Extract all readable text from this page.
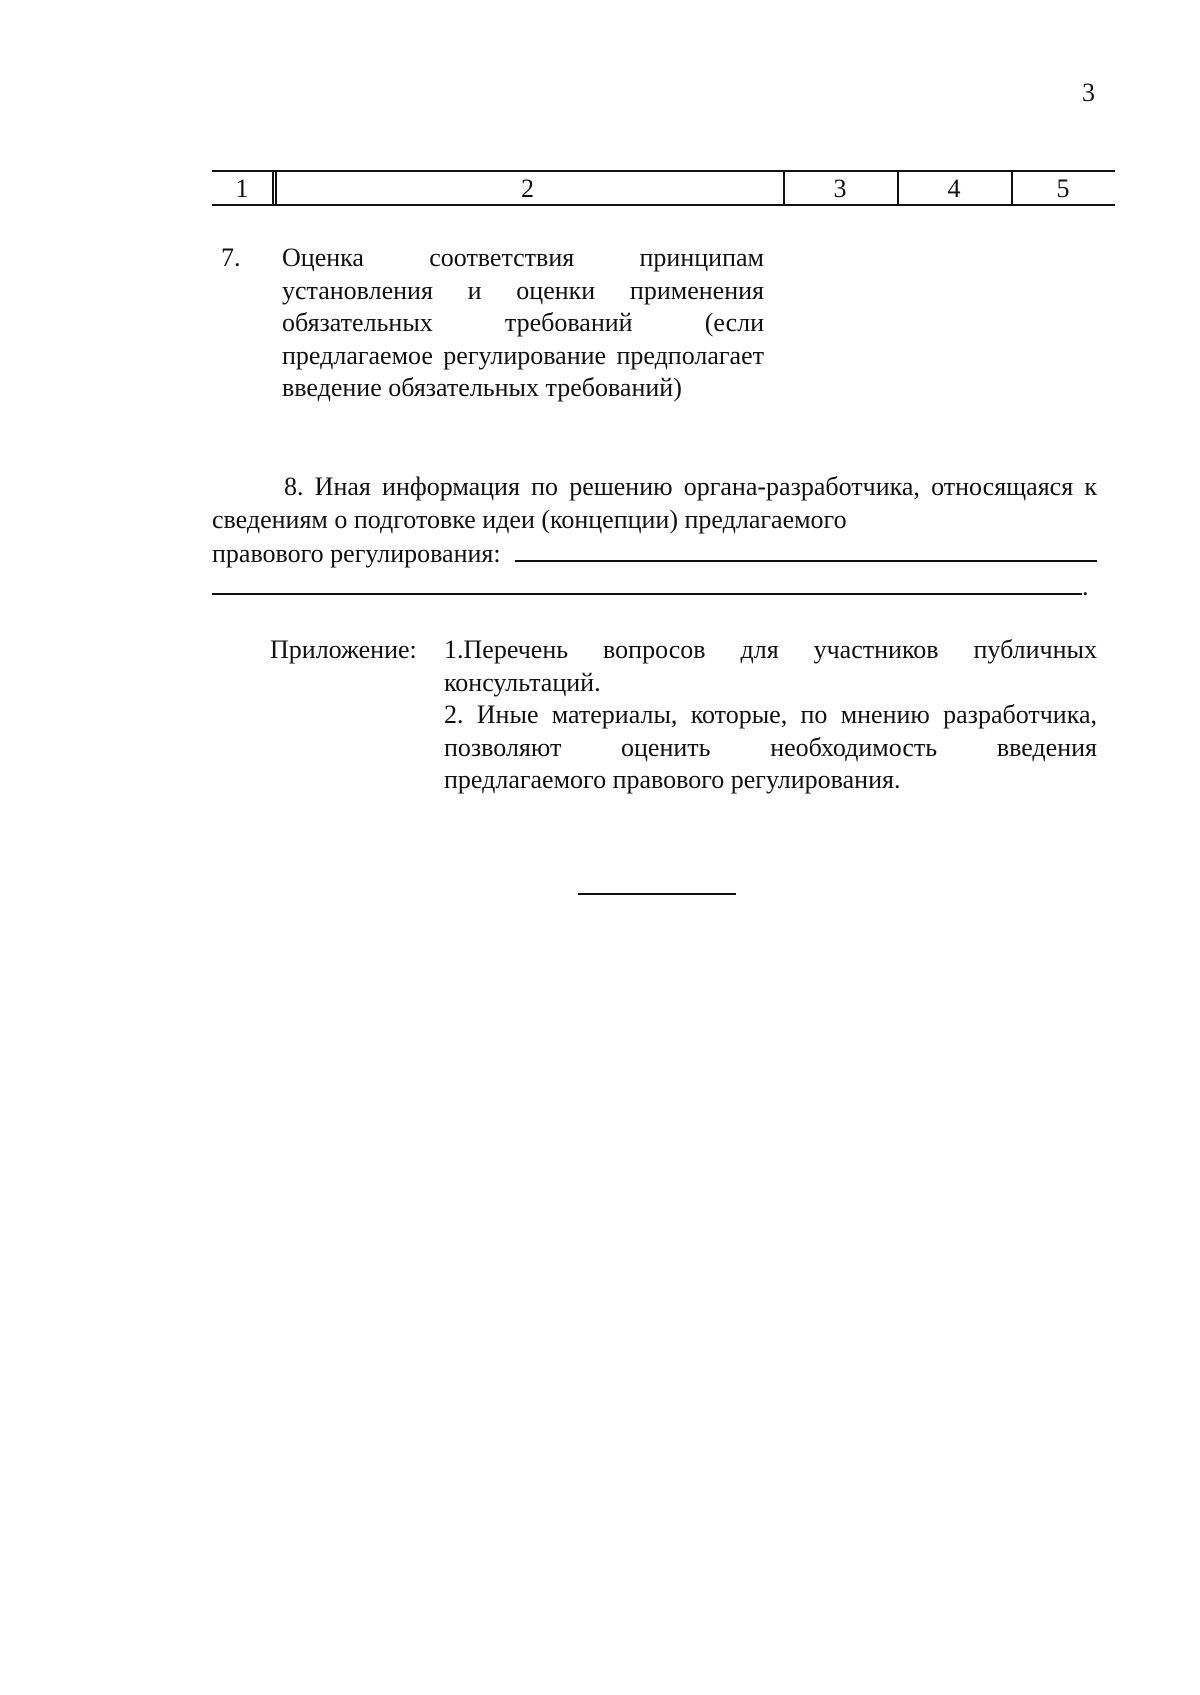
3
1	2	3	4	5
7. Оценка соответствия принципам установления и оценки применения обязательных требований (если предлагаемое регулирование предполагает введение обязательных требований)
8. Иная информация по решению органа-разработчика, относящаяся к сведениям о подготовке идеи (концепции) предлагаемого
правового регулирования:
.
Приложение: 1.Перечень вопросов для участников публичных консультаций.
2. Иные материалы, которые, по мнению разработчика, позволяют оценить необходимость введения предлагаемого правового регулирования.
